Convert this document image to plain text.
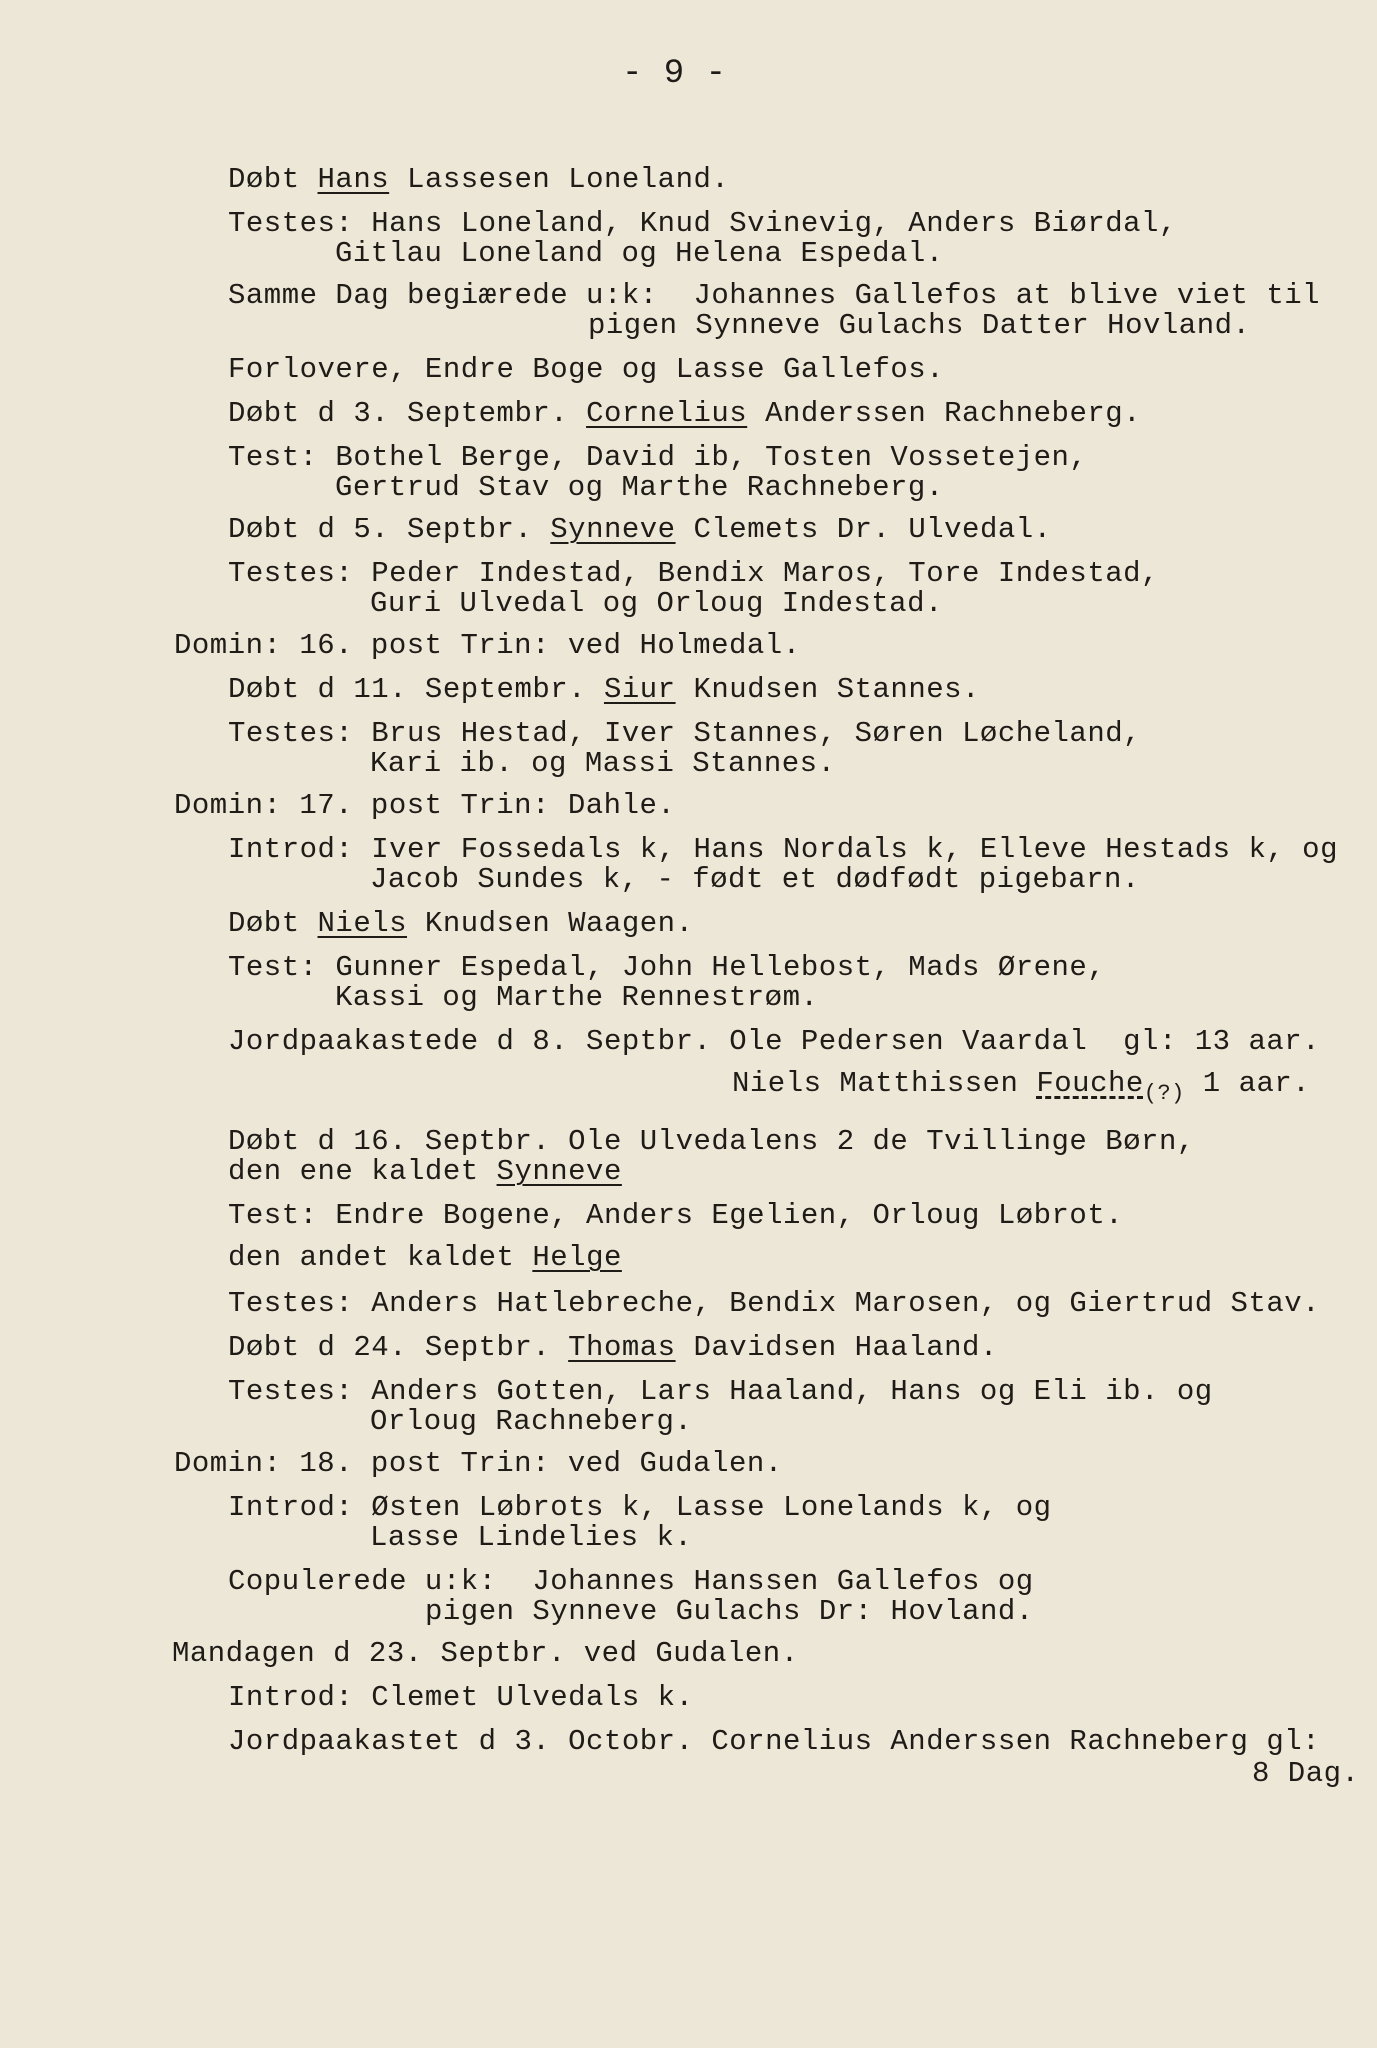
- 9 -
Døbt Hans Lassesen Loneland.
Testes: Hans Loneland, Knud Svinevig, Anders Biørdal,
Gitlau Loneland og Helena Espedal.
Samme Dag begiærede u:k:  Johannes Gallefos at blive viet til
pigen Synneve Gulachs Datter Hovland.
Forlovere, Endre Boge og Lasse Gallefos.
Døbt d 3. Septembr. Cornelius Anderssen Rachneberg.
Test: Bothel Berge, David ib, Tosten Vossetejen,
Gertrud Stav og Marthe Rachneberg.
Døbt d 5. Septbr. Synneve Clemets Dr. Ulvedal.
Testes: Peder Indestad, Bendix Maros, Tore Indestad,
Guri Ulvedal og Orloug Indestad.
Domin: 16. post Trin: ved Holmedal.
Døbt d 11. Septembr. Siur Knudsen Stannes.
Testes: Brus Hestad, Iver Stannes, Søren Løcheland,
Kari ib. og Massi Stannes.
Domin: 17. post Trin: Dahle.
Introd: Iver Fossedals k, Hans Nordals k, Elleve Hestads k, og
Jacob Sundes k, - født et dødfødt pigebarn.
Døbt Niels Knudsen Waagen.
Test: Gunner Espedal, John Hellebost, Mads Ørene,
Kassi og Marthe Rennestrøm.
Jordpaakastede d 8. Septbr. Ole Pedersen Vaardal  gl: 13 aar.
Niels Matthissen Fouche$_{(?)}$ 1 aar.
Døbt d 16. Septbr. Ole Ulvedalens 2 de Tvillinge Børn,
den ene kaldet Synneve
Test: Endre Bogene, Anders Egelien, Orloug Løbrot.
den andet kaldet Helge
Testes: Anders Hatlebreche, Bendix Marosen, og Giertrud Stav.
Døbt d 24. Septbr. Thomas Davidsen Haaland.
Testes: Anders Gotten, Lars Haaland, Hans og Eli ib. og
Orloug Rachneberg.
Domin: 18. post Trin: ved Gudalen.
Introd: Østen Løbrots k, Lasse Lonelands k, og
Lasse Lindelies k.
Copulerede u:k:  Johannes Hanssen Gallefos og
pigen Synneve Gulachs Dr: Hovland.
Mandagen d 23. Septbr. ved Gudalen.
Introd: Clemet Ulvedals k.
Jordpaakastet d 3. Octobr. Cornelius Anderssen Rachneberg gl:
8 Dag.
